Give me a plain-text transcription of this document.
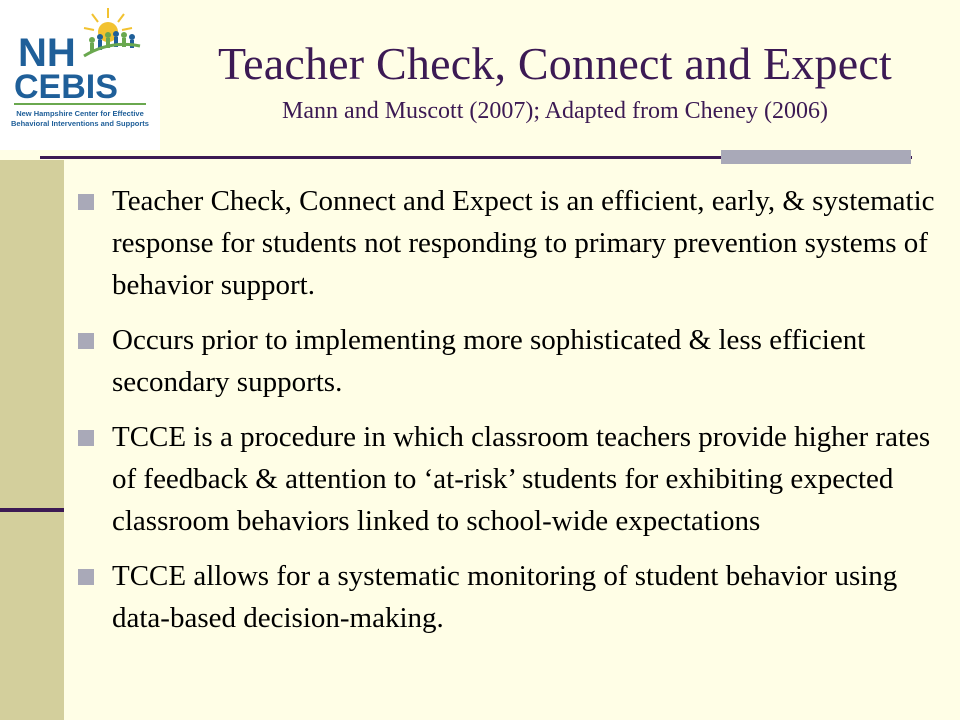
NH
CEBIS
New Hampshire Center for Effective
Behavioral Interventions and Supports
Teacher Check, Connect and Expect

Mann and Muscott (2007); Adapted from Cheney (2006)

Teacher Check, Connect and Expect is an efficient, early, & systematic response for students not responding to primary prevention systems of behavior support.
Occurs prior to implementing more sophisticated & less efficient secondary supports.
TCCE is a procedure in which classroom teachers provide higher rates of feedback & attention to ‘at-risk’ students for exhibiting expected classroom behaviors linked to school-wide expectations
TCCE allows for a systematic monitoring of student behavior using data-based decision-making.
